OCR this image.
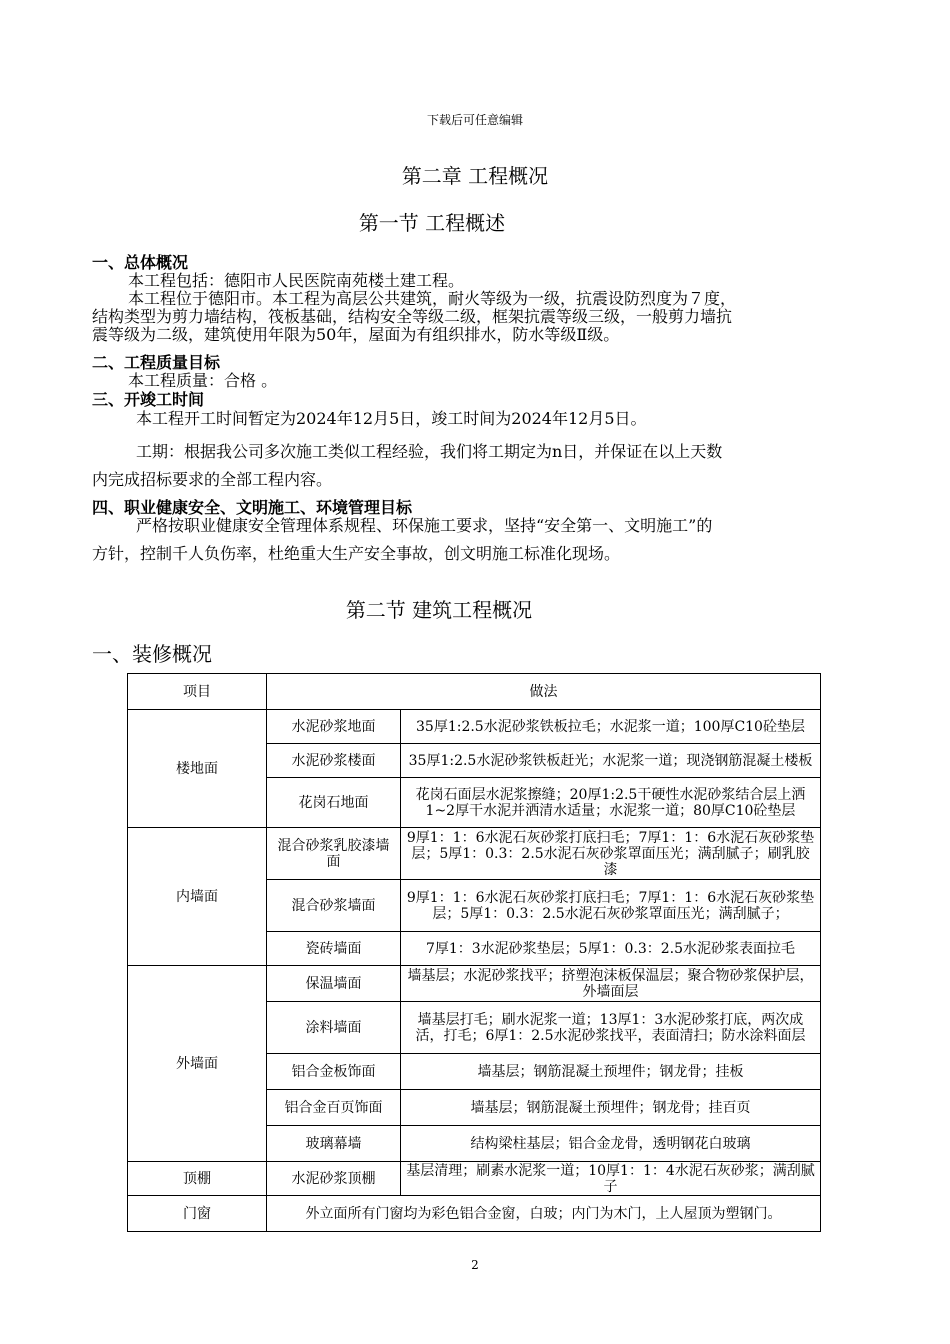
下载后可任意编辑
第二章 工程概况
第一节 工程概述
一、总体概况
本工程包括：德阳市人民医院南苑楼土建工程。
本工程位于德阳市。本工程为高层公共建筑，耐火等级为一级，抗震设防烈度为７度，
结构类型为剪力墙结构，筏板基础，结构安全等级二级，框架抗震等级三级，一般剪力墙抗
震等级为二级，建筑使用年限为50年，屋面为有组织排水，防水等级Ⅱ级。
二、工程质量目标
本工程质量：合格 。
三、开竣工时间
本工程开工时间暂定为2024年12月5日，竣工时间为2024年12月5日。
工期：根据我公司多次施工类似工程经验，我们将工期定为n日，并保证在以上天数
内完成招标要求的全部工程内容。
四、职业健康安全、文明施工、环境管理目标
严格按职业健康安全管理体系规程、环保施工要求，坚持“安全第一、文明施工”的
方针，控制千人负伤率，杜绝重大生产安全事故，创文明施工标准化现场。
第二节 建筑工程概况
一、装修概况
项目	做法	
楼地面	水泥砂浆地面	35厚1:2.5水泥砂浆铁板拉毛；水泥浆一道；100厚C10砼垫层
	水泥砂浆楼面	35厚1:2.5水泥砂浆铁板赶光；水泥浆一道；现浇钢筋混凝土楼板
	花岗石地面	花岗石面层水泥浆擦缝；20厚1:2.5干硬性水泥砂浆结合层上洒1~2厚干水泥并洒清水适量；水泥浆一道；80厚C10砼垫层
内墙面	混合砂浆乳胶漆墙面	9厚1：1：6水泥石灰砂浆打底扫毛；7厚1：1：6水泥石灰砂浆垫层；5厚1：0.3：2.5水泥石灰砂浆罩面压光；满刮腻子；刷乳胶漆
	混合砂浆墙面	9厚1：1：6水泥石灰砂浆打底扫毛；7厚1：1：6水泥石灰砂浆垫层；5厚1：0.3：2.5水泥石灰砂浆罩面压光；满刮腻子；
	瓷砖墙面	7厚1：3水泥砂浆垫层；5厚1：0.3：2.5水泥砂浆表面拉毛
外墙面	保温墙面	墙基层；水泥砂浆找平；挤塑泡沫板保温层；聚合物砂浆保护层，外墙面层
	涂料墙面	墙基层打毛；刷水泥浆一道；13厚1：3水泥砂浆打底，两次成活，打毛；6厚1：2.5水泥砂浆找平，表面清扫；防水涂料面层
	铝合金板饰面	墙基层；钢筋混凝土预埋件；钢龙骨；挂板
	铝合金百页饰面	墙基层；钢筋混凝土预埋件；钢龙骨；挂百页
	玻璃幕墙	结构梁柱基层；铝合金龙骨，透明钢花白玻璃
顶棚	水泥砂浆顶棚	基层清理；刷素水泥浆一道；10厚1：1：4水泥石灰砂浆；满刮腻子
门窗	外立面所有门窗均为彩色铝合金窗，白玻；内门为木门，上人屋顶为塑钢门。	
2
